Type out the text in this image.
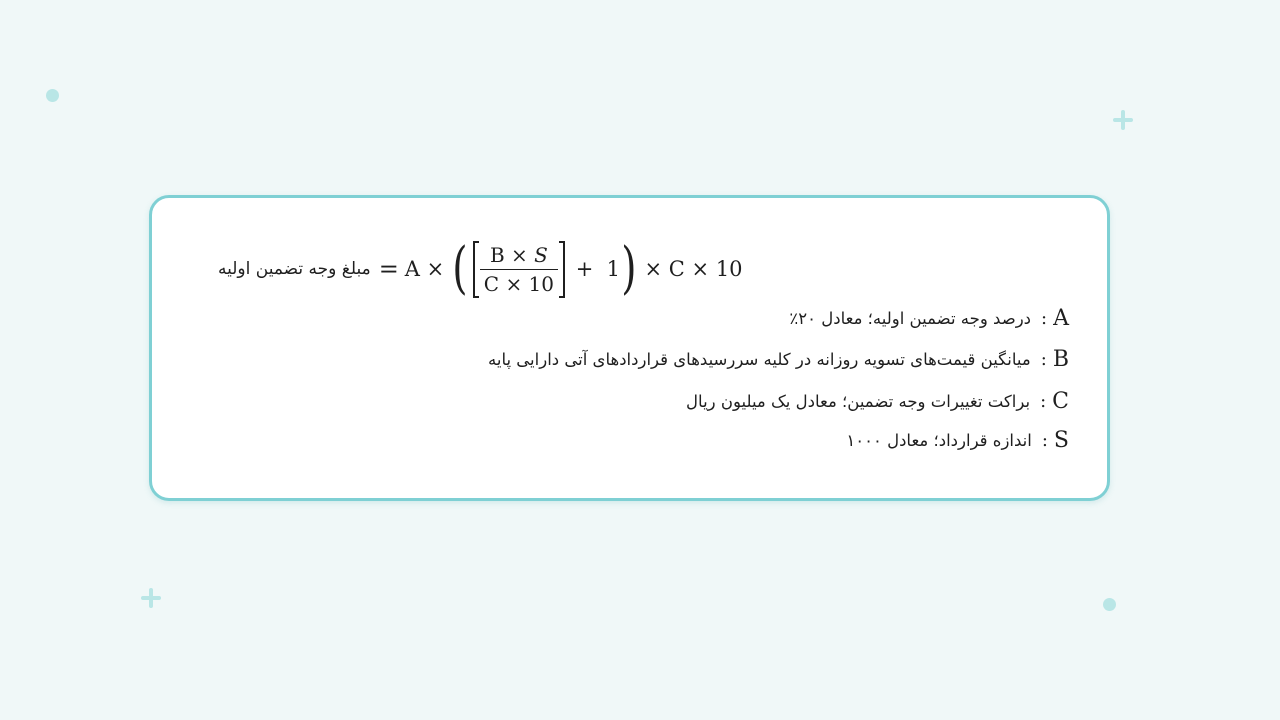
مبلغ وجه تضمین اولیه = A × ( $\frac{B \times S}{C \times 10} + 1$ ) × C × 10
A
:
درصد وجه تضمین اولیه؛ معادل ۲۰٪
B
:
میانگین قیمت‌های تسویه روزانه در کلیه سررسیدهای قراردادهای آتی دارایی پایه
C
:
براکت تغییرات وجه تضمین؛ معادل یک میلیون ریال
S
:
اندازه قرارداد؛ معادل ۱۰۰۰
